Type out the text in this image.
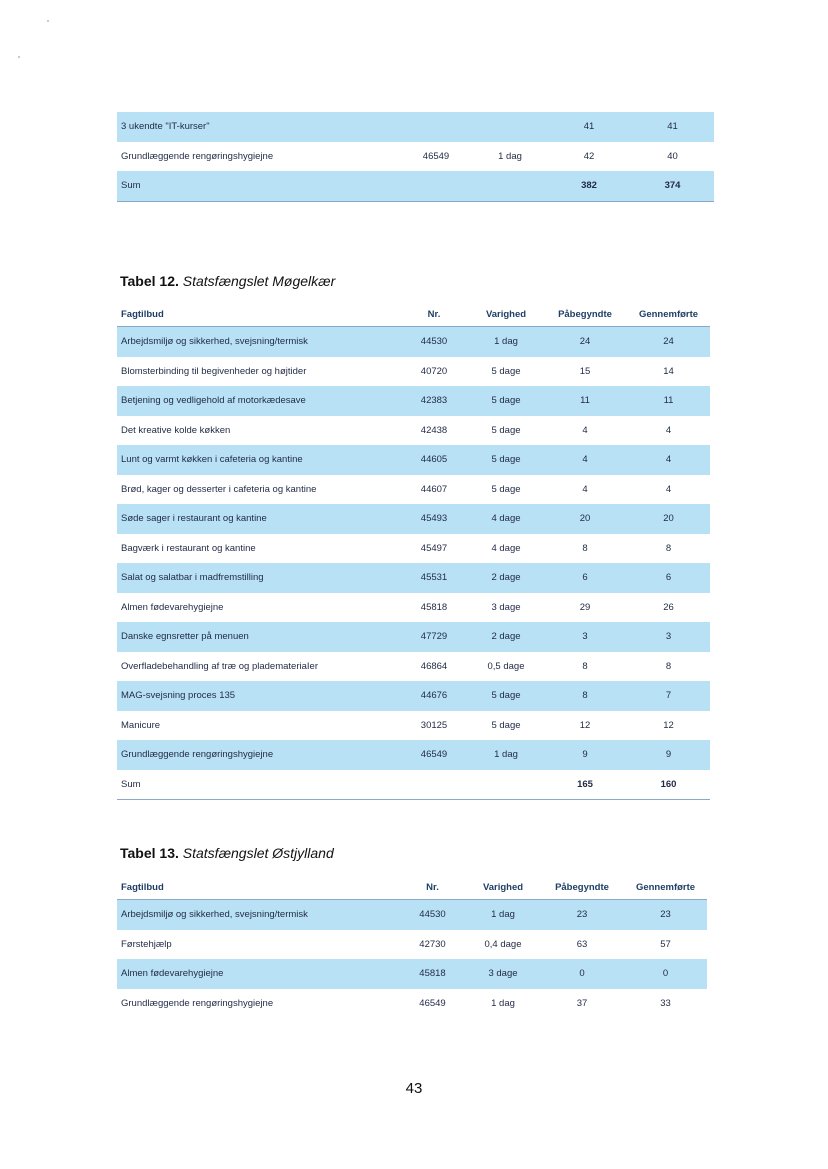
3 ukendte "IT-kurser"			41	41
Grundlæggende rengøringshygiejne	46549	1 dag	42	40
Sum			382	374
Tabel 12. Statsfængslet Møgelkær
Fagtilbud	Nr.	Varighed	Påbegyndte	Gennemførte
Arbejdsmiljø og sikkerhed, svejsning/termisk	44530	1 dag	24	24
Blomsterbinding til begivenheder og højtider	40720	5 dage	15	14
Betjening og vedligehold af motorkædesave	42383	5 dage	11	11
Det kreative kolde køkken	42438	5 dage	4	4
Lunt og varmt køkken i cafeteria og kantine	44605	5 dage	4	4
Brød, kager og desserter i cafeteria og kantine	44607	5 dage	4	4
Søde sager i restaurant og kantine	45493	4 dage	20	20
Bagværk i restaurant og kantine	45497	4 dage	8	8
Salat og salatbar i madfremstilling	45531	2 dage	6	6
Almen fødevarehygiejne	45818	3 dage	29	26
Danske egnsretter på menuen	47729	2 dage	3	3
Overfladebehandling af træ og plademateriaIer	46864	0,5 dage	8	8
MAG-svejsning proces 135	44676	5 dage	8	7
Manicure	30125	5 dage	12	12
Grundlæggende rengøringshygiejne	46549	1 dag	9	9
Sum			165	160
Tabel 13. Statsfængslet Østjylland
Fagtilbud	Nr.	Varighed	Påbegyndte	Gennemførte
Arbejdsmiljø og sikkerhed, svejsning/termisk	44530	1 dag	23	23
Førstehjælp	42730	0,4 dage	63	57
Almen fødevarehygiejne	45818	3 dage	0	0
Grundlæggende rengøringshygiejne	46549	1 dag	37	33
43
